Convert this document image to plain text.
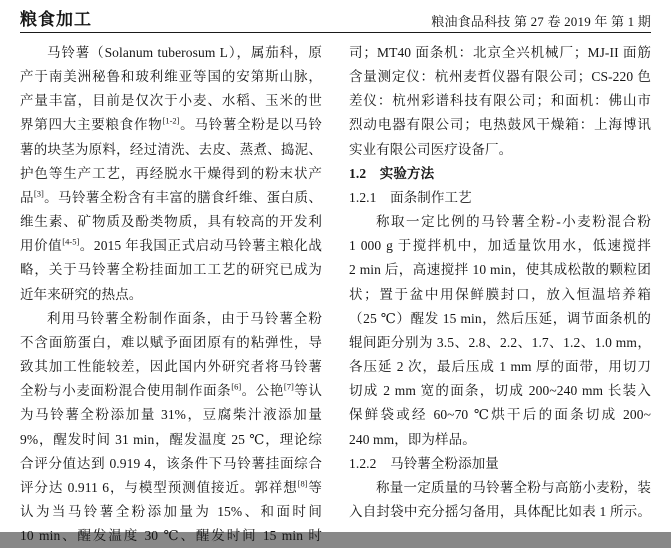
粮食加工	粮油食品科技 第 27 卷 2019 年 第 1 期
马铃薯（Solanum tuberosum L），属茄科，原
产于南美洲秘鲁和玻利维亚等国的安第斯山脉，
产量丰富，目前是仅次于小麦、水稻、玉米的世
界第四大主要粮食作物[1-2]。马铃薯全粉是以马铃
薯的块茎为原料，经过清洗、去皮、蒸煮、捣泥、
护色等生产工艺，再经脱水干燥得到的粉末状产
品[3]。马铃薯全粉含有丰富的膳食纤维、蛋白质、
维生素、矿物质及酚类物质，具有较高的开发利
用价值[4-5]。2015 年我国正式启动马铃薯主粮化战
略，关于马铃薯全粉挂面加工工艺的研究已成为
近年来研究的热点。
利用马铃薯全粉制作面条，由于马铃薯全粉
不含面筋蛋白，难以赋予面团原有的粘弹性，导
致其加工性能较差，因此国内外研究者将马铃薯
全粉与小麦面粉混合使用制作面条[6]。公艳[7]等认
为马铃薯全粉添加量 31%，豆腐柴汁液添加量
9%，醒发时间 31 min，醒发温度 25 ℃，理论综
合评分值达到 0.919 4，该条件下马铃薯挂面综合
评分达 0.911 6，与模型预测值接近。郭祥想[8]等
认为当马铃薯全粉添加量为 15%、和面时间
10 min、醒发温度 30 ℃、醒发时间 15 min 时
司；MT40 面条机：北京全兴机械厂；MJ-II 面筋
含量测定仪：杭州麦哲仪器有限公司；CS-220 色
差仪：杭州彩谱科技有限公司；和面机：佛山市
烈动电器有限公司；电热鼓风干燥箱：上海博讯
实业有限公司医疗设备厂。
1.2　实验方法
1.2.1　面条制作工艺
称取一定比例的马铃薯全粉-小麦粉混合粉
1 000 g 于搅拌机中，加适量饮用水，低速搅拌
2 min 后，高速搅拌 10 min，使其成松散的颗粒团
状；置于盆中用保鲜膜封口，放入恒温培养箱
（25 ℃）醒发 15 min，然后压延，调节面条机的
辊间距分别为 3.5、2.8、2.2、1.7、1.2、1.0 mm，
各压延 2 次，最后压成 1 mm 厚的面带，用切刀
切成 2 mm 宽的面条，切成 200~240 mm 长装入
保鲜袋或经 60~70 ℃烘干后的面条切成 200~
240 mm，即为样品。
1.2.2　马铃薯全粉添加量
称量一定质量的马铃薯全粉与高筋小麦粉，装
入自封袋中充分摇匀备用，具体配比如表 1 所示。
